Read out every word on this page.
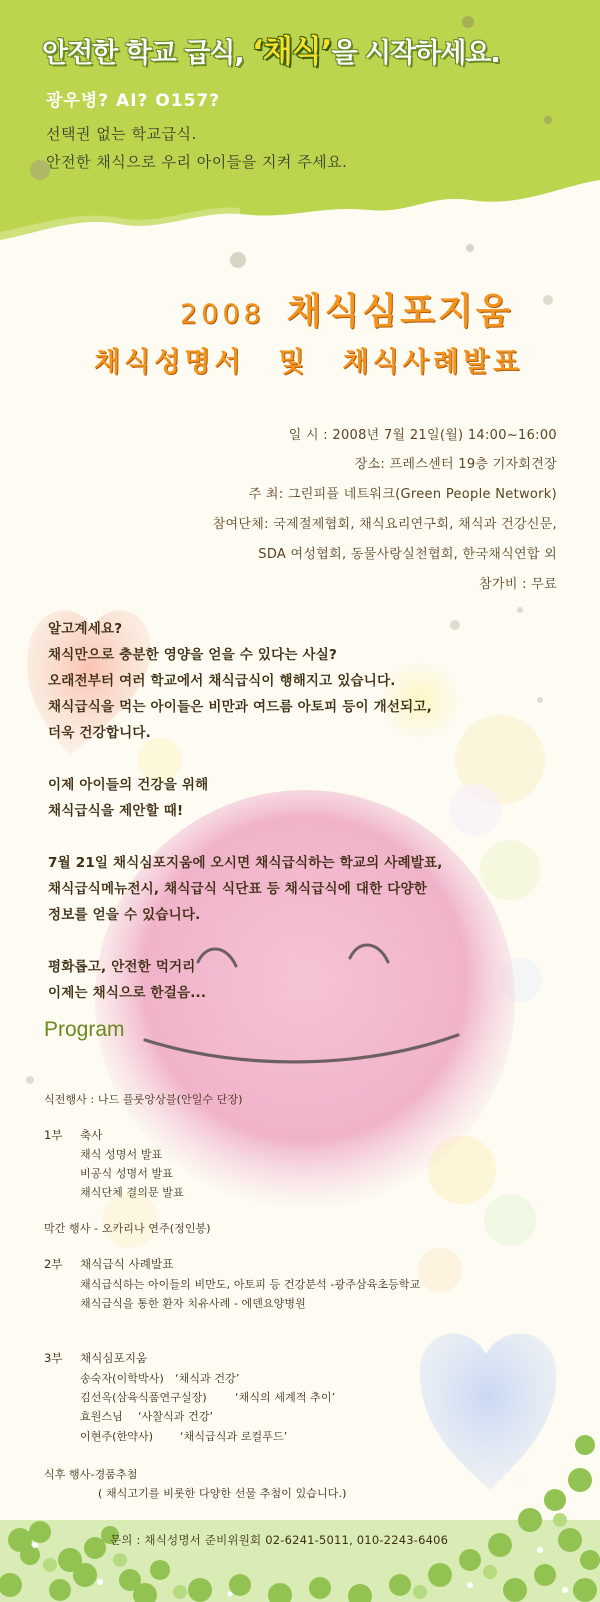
안전한 학교 급식, ‘채식’을 시작하세요.
광우병? AI? O157?
선택권 없는 학교급식.
안전한 채식으로 우리 아이들을 지켜 주세요.
2008 채식심포지움
채식성명서 및 채식사례발표
일 시 : 2008년 7월 21일(월) 14:00~16:00
장소: 프레스센터 19층 기자회견장
주 최: 그린피플 네트워크(Green People Network)
참여단체: 국제절제협회, 채식요리연구회, 채식과 건강신문,
SDA 여성협회, 동물사랑실천협회, 한국채식연합 외
참가비 : 무료
알고계세요?
채식만으로 충분한 영양을 얻을 수 있다는 사실?
오래전부터 여러 학교에서 채식급식이 행해지고 있습니다.
채식급식을 먹는 아이들은 비만과 여드름 아토피 등이 개선되고,
더욱 건강합니다.
이제 아이들의 건강을 위해
채식급식을 제안할 때!
7월 21일 채식심포지움에 오시면 채식급식하는 학교의 사례발표,
채식급식메뉴전시, 채식급식 식단표 등 채식급식에 대한 다양한
정보를 얻을 수 있습니다.
평화롭고, 안전한 먹거리
이제는 채식으로 한걸음...
Program
식전행사 : 나드 플룻앙상블(안일수 단장)
1부 축사
채식 성명서 발표
비공식 성명서 발표
채식단체 결의문 발표
막간 행사 - 오카리나 연주(정인봉)
2부 채식급식 사례발표
채식급식하는 아이들의 비만도, 아토피 등 건강분석 -광주삼육초등학교
채식급식을 통한 환자 치유사례 - 에덴요양병원
3부 채식심포지움
송숙자(이학박사) ‘채식과 건강’
김선옥(삼육식품연구실장)	‘채식의 세계적 추이’
효원스님 ‘사찰식과 건강’
이현주(한약사) ‘채식급식과 로컬푸드’
식후 행사-경품추첨
( 채식고기를 비롯한 다양한 선물 추첨이 있습니다.)
문의 : 채식성명서 준비위원회 02-6241-5011, 010-2243-6406
